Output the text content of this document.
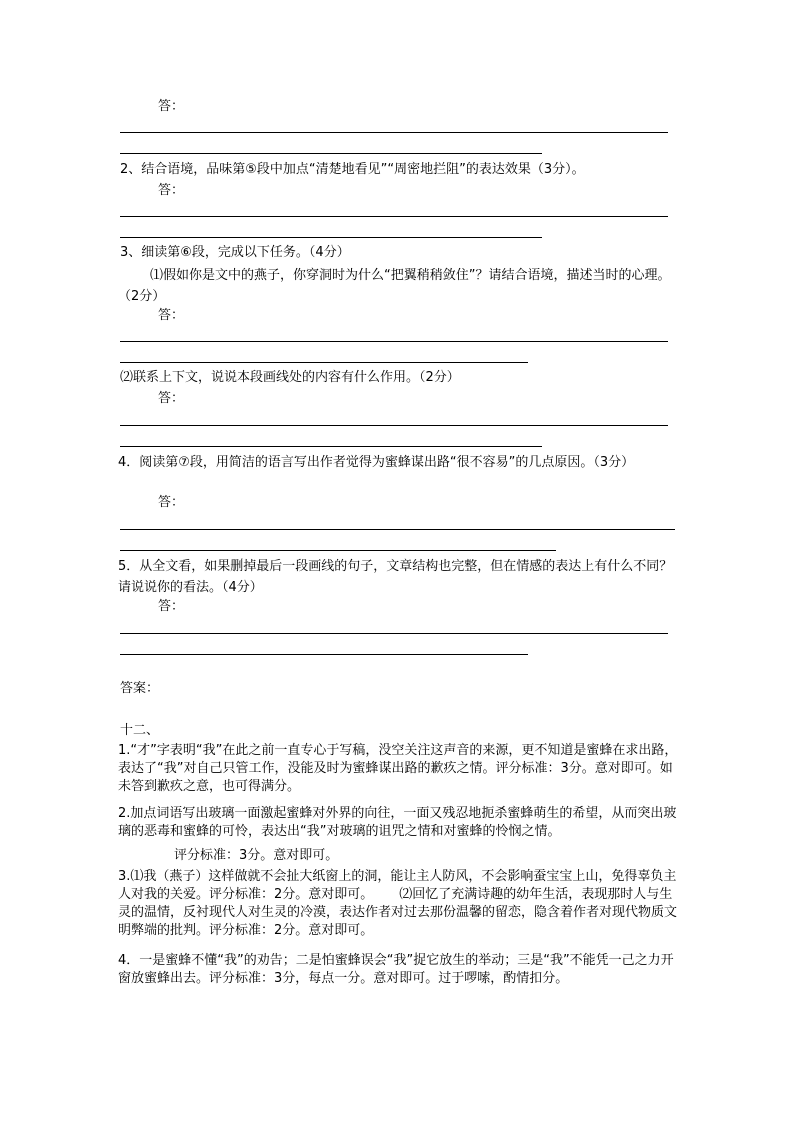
答：
2、结合语境，品味第⑤段中加点“清楚地看见”“周密地拦阻”的表达效果（3分）。
答：
3、细读第⑥段，完成以下任务。（4分）
⑴假如你是文中的燕子，你穿洞时为什么“把翼稍稍敛住”？请结合语境，描述当时的心理。（2分）
答：
⑵联系上下文，说说本段画线处的内容有什么作用。（2分）
答：
4．阅读第⑦段，用简洁的语言写出作者觉得为蜜蜂谋出路“很不容易”的几点原因。（3分）
答：
5．从全文看，如果删掉最后一段画线的句子，文章结构也完整，但在情感的表达上有什么不同？请说说你的看法。（4分）
答：
答案：
十二、
1.“才”字表明“我”在此之前一直专心于写稿，没空关注这声音的来源，更不知道是蜜蜂在求出路，表达了“我”对自己只管工作，没能及时为蜜蜂谋出路的歉疚之情。评分标准：3分。意对即可。如未答到歉疚之意，也可得满分。
2.加点词语写出玻璃一面激起蜜蜂对外界的向往，一面又残忍地扼杀蜜蜂萌生的希望，从而突出玻璃的恶毒和蜜蜂的可怜，表达出“我”对玻璃的诅咒之情和对蜜蜂的怜悯之情。
评分标准：3分。意对即可。
3.⑴我（燕子）这样做就不会扯大纸窗上的洞，能让主人防风，不会影响蚕宝宝上山，免得辜负主人对我的关爱。评分标准：2分。意对即可。 ⑵回忆了充满诗趣的幼年生活，表现那时人与生灵的温情，反衬现代人对生灵的冷漠，表达作者对过去那份温馨的留恋，隐含着作者对现代物质文明弊端的批判。评分标准：2分。意对即可。
4．一是蜜蜂不懂“我”的劝告；二是怕蜜蜂误会“我”捉它放生的举动；三是“我”不能凭一己之力开窗放蜜蜂出去。评分标准：3分，每点一分。意对即可。过于啰嗦，酌情扣分。
